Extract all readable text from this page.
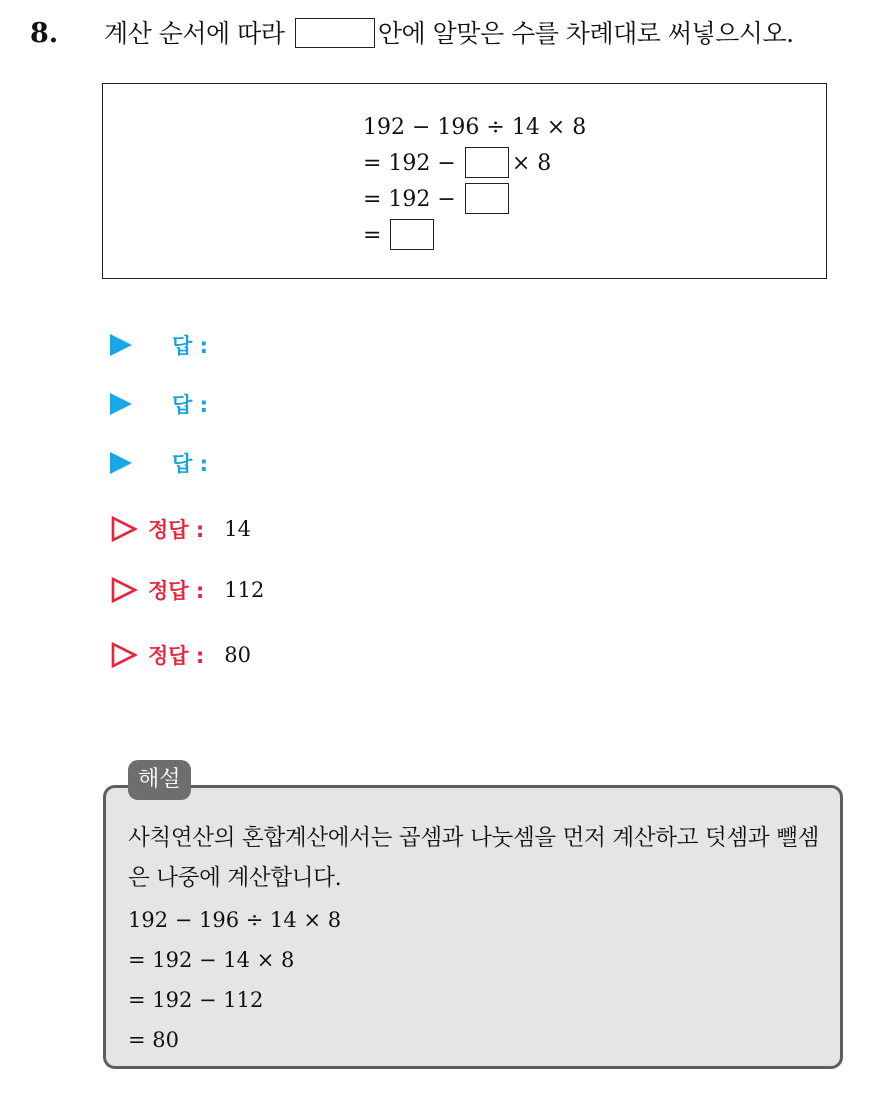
8. 계산 순서에 따라	안에 알맞은 수를 차례대로 써넣으시오.
192 − 196 ÷ 14 × 8
= 192 −	× 8
= 192 −
=
답 :
답 :
답 :
정답 : 14
정답 : 112
정답 : 80
해설
사칙연산의 혼합계산에서는 곱셈과 나눗셈을 먼저 계산하고 덧셈과 뺄셈은 나중에 계산합니다.
192 − 196 ÷ 14 × 8
= 192 − 14 × 8
= 192 − 112
= 80
